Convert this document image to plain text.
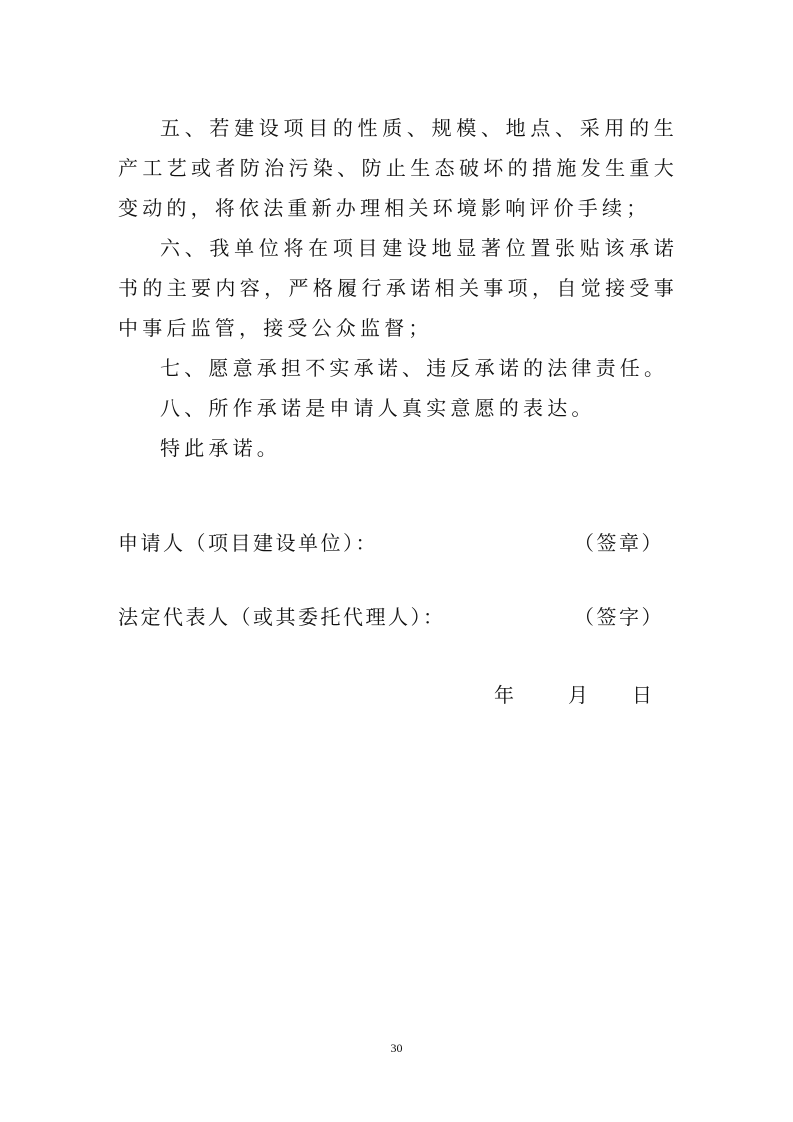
五、若建设项目的性质、规模、地点、采用的生产工艺或者防治污染、防止生态破坏的措施发生重大变动的，将依法重新办理相关环境影响评价手续；

六、我单位将在项目建设地显著位置张贴该承诺书的主要内容，严格履行承诺相关事项，自觉接受事中事后监管，接受公众监督；

七、愿意承担不实承诺、违反承诺的法律责任。

八、所作承诺是申请人真实意愿的表达。

特此承诺。

申请人（项目建设单位）：	（签章）
法定代表人（或其委托代理人）：	（签字）
年	月 日
30
